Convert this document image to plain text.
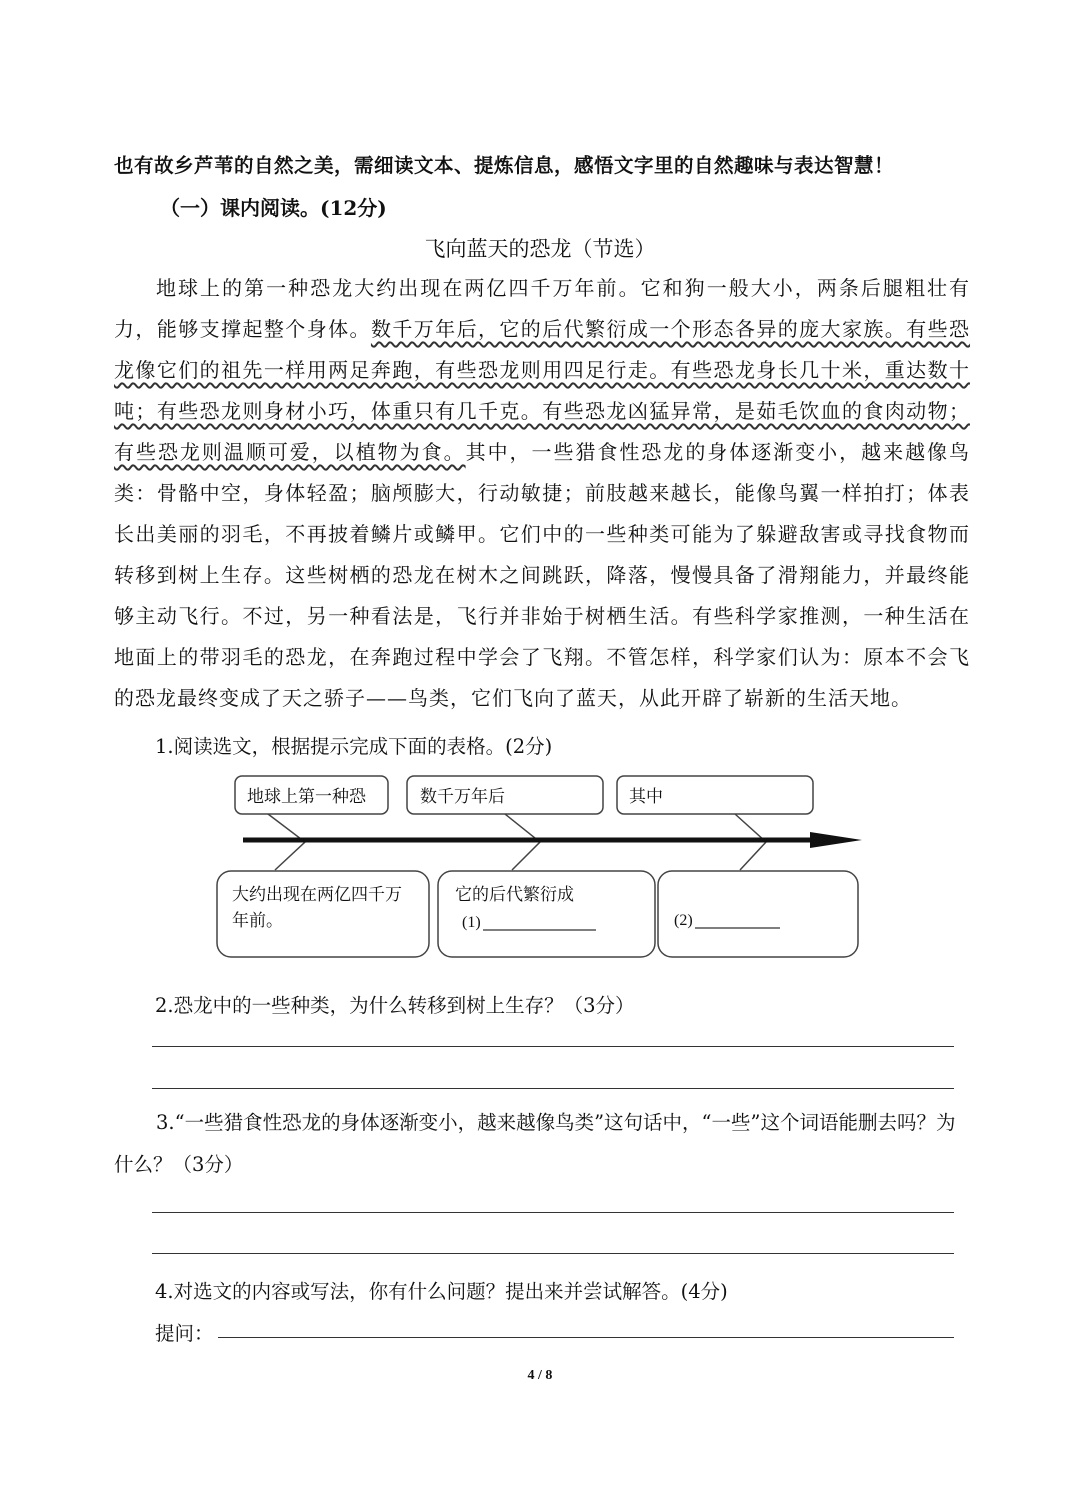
也有故乡芦苇的自然之美，需细读文本、提炼信息，感悟文字里的自然趣味与表达智慧！
（一）课内阅读。(12分)
飞向蓝天的恐龙（节选）

地球上的第一种恐龙大约出现在两亿四千万年前。它和狗一般大小，两条后腿粗壮有力，能够支撑起整个身体。数千万年后，它的后代繁衍成一个形态各异的庞大家族。有些恐龙像它们的祖先一样用两足奔跑，有些恐龙则用四足行走。有些恐龙身长几十米，重达数十吨；有些恐龙则身材小巧，体重只有几千克。有些恐龙凶猛异常，是茹毛饮血的食肉动物；有些恐龙则温顺可爱，以植物为食。其中，一些猎食性恐龙的身体逐渐变小，越来越像鸟类：骨骼中空，身体轻盈；脑颅膨大，行动敏捷；前肢越来越长，能像鸟翼一样拍打；体表长出美丽的羽毛，不再披着鳞片或鳞甲。它们中的一些种类可能为了躲避敌害或寻找食物而转移到树上生存。这些树栖的恐龙在树木之间跳跃，降落，慢慢具备了滑翔能力，并最终能够主动飞行。不过，另一种看法是，飞行并非始于树栖生活。有些科学家推测，一种生活在地面上的带羽毛的恐龙，在奔跑过程中学会了飞翔。不管怎样，科学家们认为：原本不会飞的恐龙最终变成了天之骄子——鸟类，它们飞向了蓝天，从此开辟了崭新的生活天地。

1.阅读选文，根据提示完成下面的表格。(2分)
地球上第一种恐	数千万年后	其中
大约出现在两亿四千万
年前。
它的后代繁衍成
(1)	(2)
2.恐龙中的一些种类，为什么转移到树上生存？（3分）

3.“一些猎食性恐龙的身体逐渐变小，越来越像鸟类”这句话中，“一些”这个词语能删去吗？为什么？（3分）

4.对选文的内容或写法，你有什么问题？提出来并尝试解答。(4分)
提问：
4 / 8
